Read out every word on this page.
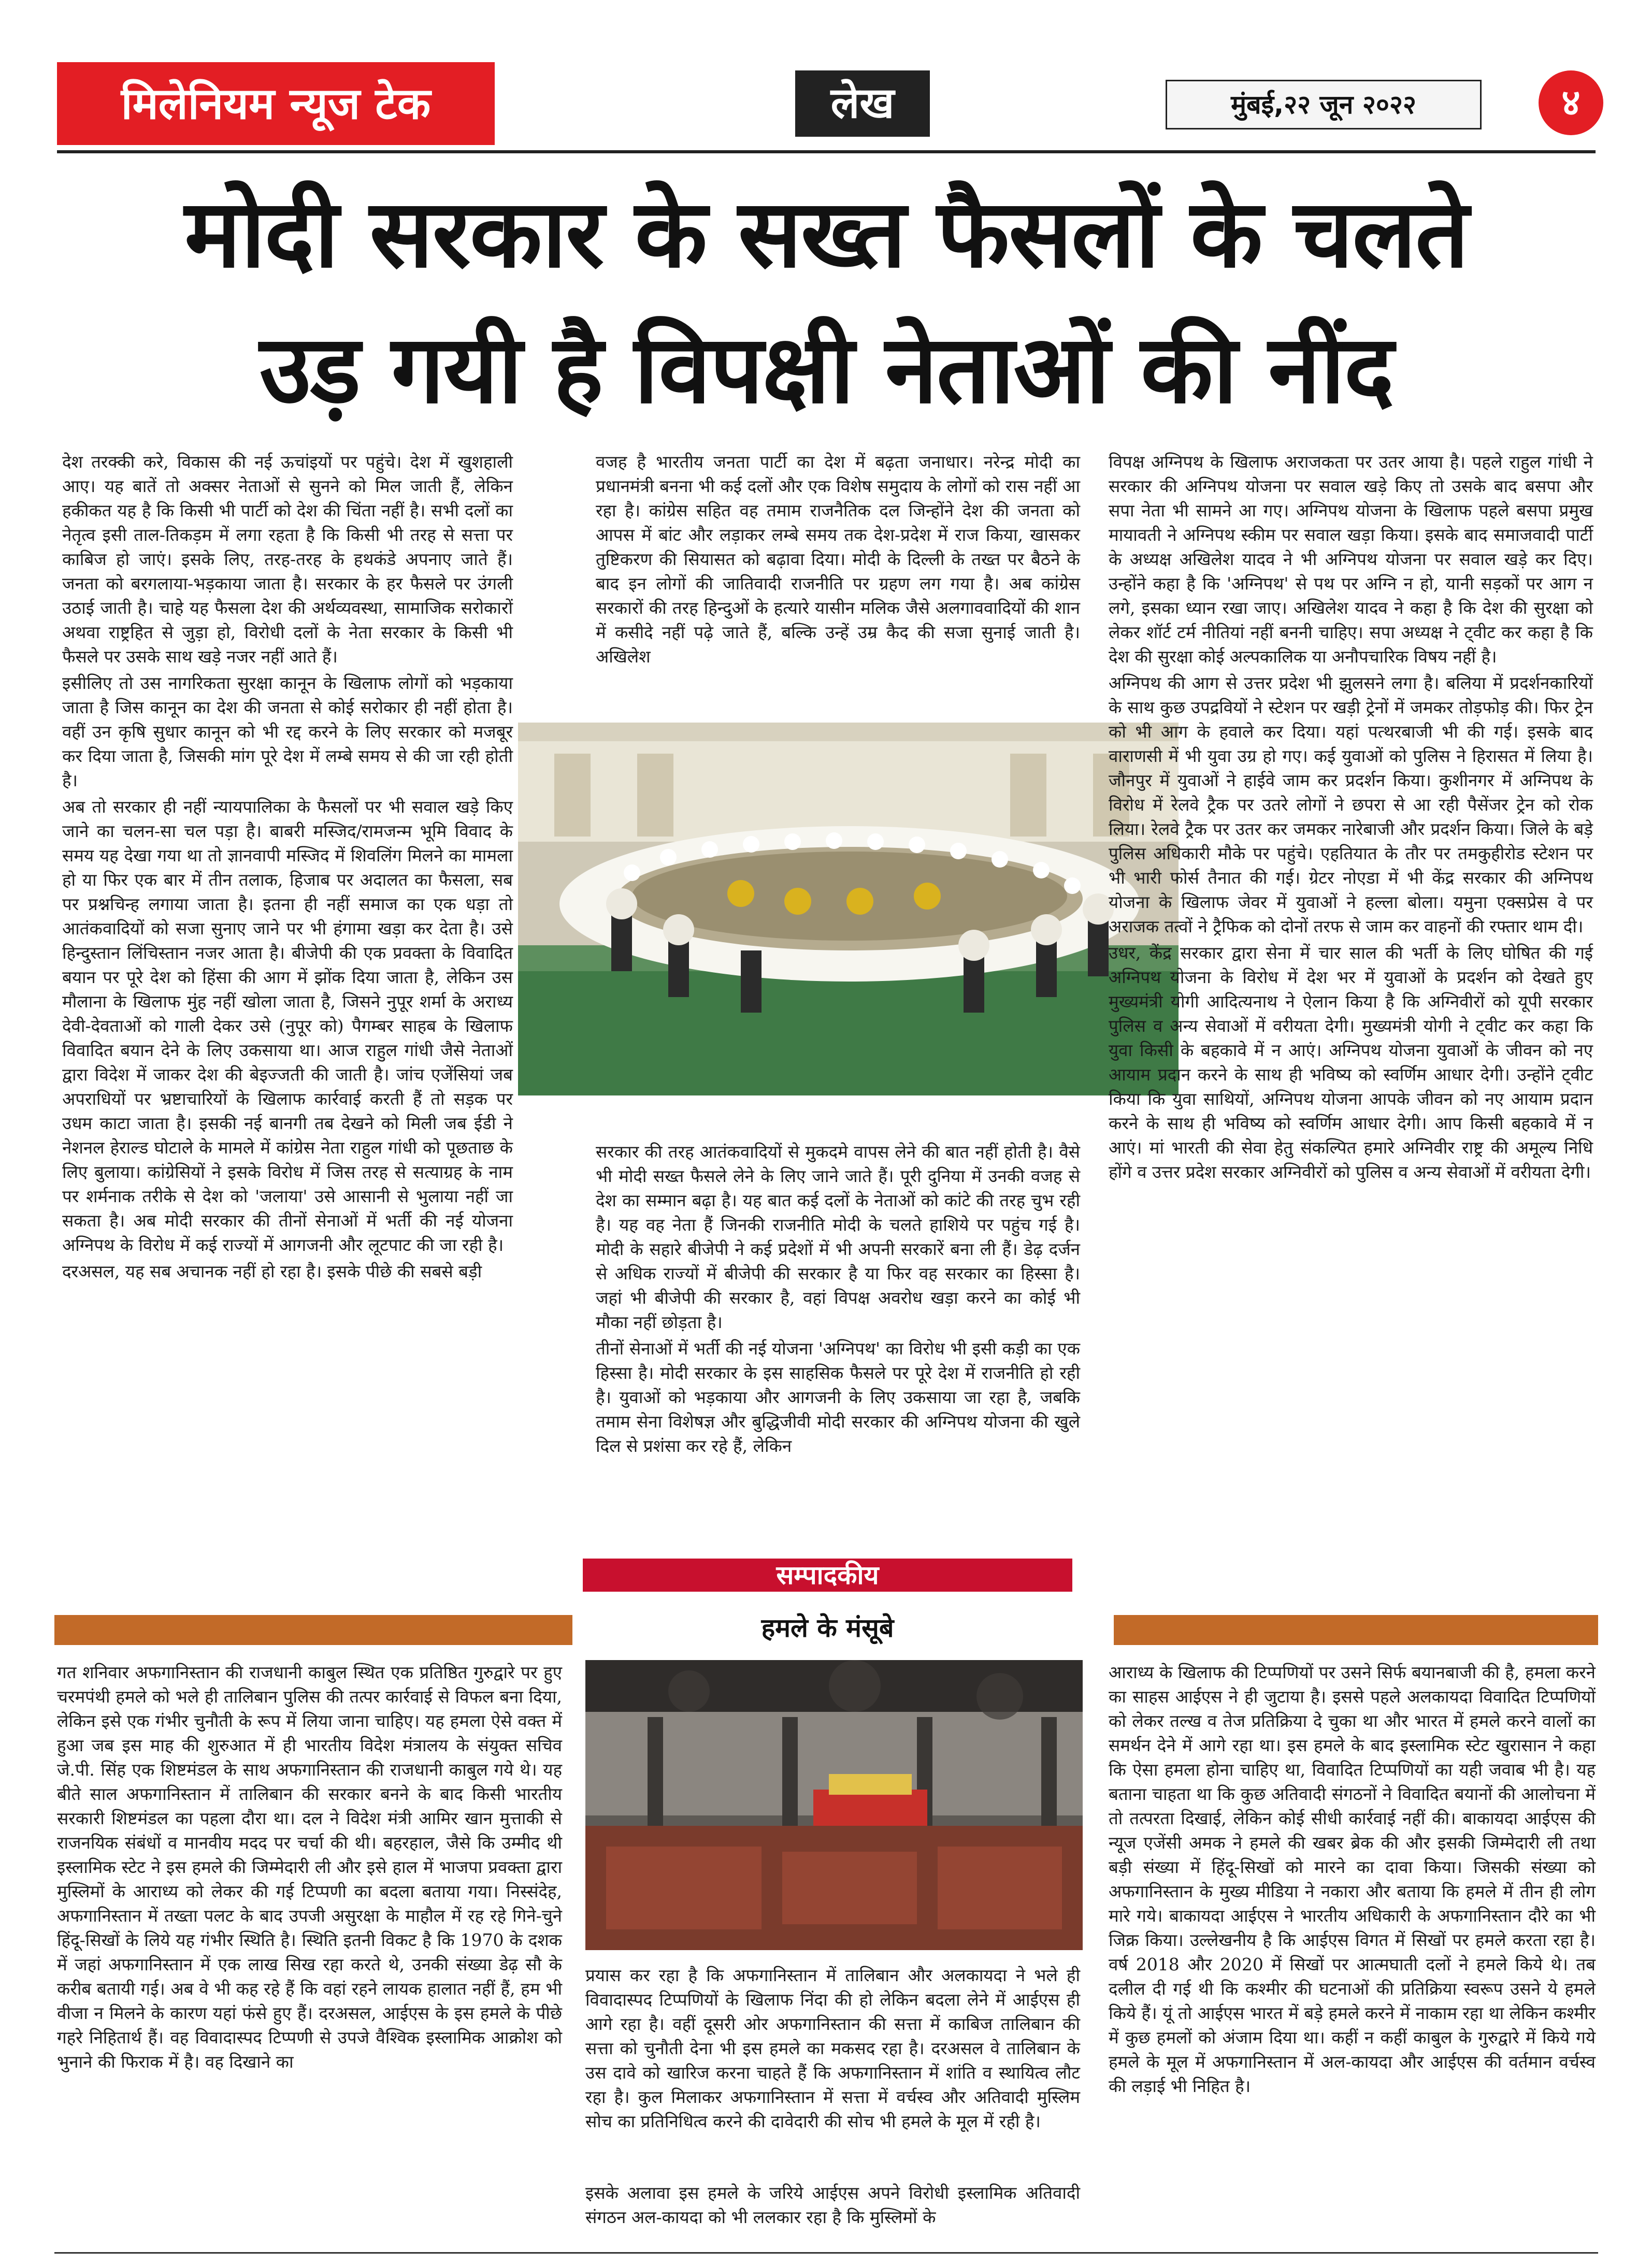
मिलेनियम न्यूज टेक	लेख	मुंबई,२२ जून २०२२	४
मोदी सरकार के सख्त फैसलों के चलते
उड़ गयी है विपक्षी नेताओं की नींद

देश तरक्की करे, विकास की नई ऊचांइयों पर पहुंचे। देश में खुशहाली आए। यह बातें तो अक्सर नेताओं से सुनने को मिल जाती हैं, लेकिन हकीकत यह है कि किसी भी पार्टी को देश की चिंता नहीं है। सभी दलों का नेतृत्व इसी ताल-तिकड़म में लगा रहता है कि किसी भी तरह से सत्ता पर काबिज हो जाएं। इसके लिए, तरह-तरह के हथकंडे अपनाए जाते हैं। जनता को बरगलाया-भड़काया जाता है। सरकार के हर फैसले पर उंगली उठाई जाती है। चाहे यह फैसला देश की अर्थव्यवस्था, सामाजिक सरोकारों अथवा राष्ट्रहित से जुड़ा हो, विरोधी दलों के नेता सरकार के किसी भी फैसले पर उसके साथ खड़े नजर नहीं आते हैं।

इसीलिए तो उस नागरिकता सुरक्षा कानून के खिलाफ लोगों को भड़काया जाता है जिस कानून का देश की जनता से कोई सरोकार ही नहीं होता है। वहीं उन कृषि सुधार कानून को भी रद्द करने के लिए सरकार को मजबूर कर दिया जाता है, जिसकी मांग पूरे देश में लम्बे समय से की जा रही होती है।

अब तो सरकार ही नहीं न्यायपालिका के फैसलों पर भी सवाल खड़े किए जाने का चलन-सा चल पड़ा है। बाबरी मस्जिद/रामजन्म भूमि विवाद के समय यह देखा गया था तो ज्ञानवापी मस्जिद में शिवलिंग मिलने का मामला हो या फिर एक बार में तीन तलाक, हिजाब पर अदालत का फैसला, सब पर प्रश्नचिन्ह लगाया जाता है। इतना ही नहीं समाज का एक धड़ा तो आतंकवादियों को सजा सुनाए जाने पर भी हंगामा खड़ा कर देता है। उसे हिन्दुस्तान लिंचिस्तान नजर आता है। बीजेपी की एक प्रवक्ता के विवादित बयान पर पूरे देश को हिंसा की आग में झोंक दिया जाता है, लेकिन उस मौलाना के खिलाफ मुंह नहीं खोला जाता है, जिसने नुपूर शर्मा के अराध्य देवी-देवताओं को गाली देकर उसे (नुपूर को) पैगम्बर साहब के खिलाफ विवादित बयान देने के लिए उकसाया था। आज राहुल गांधी जैसे नेताओं द्वारा विदेश में जाकर देश की बेइज्जती की जाती है। जांच एजेंसियां जब अपराधियों पर भ्रष्टाचारियों के खिलाफ कार्रवाई करती हैं तो सड़क पर उधम काटा जाता है। इसकी नई बानगी तब देखने को मिली जब ईडी ने नेशनल हेराल्ड घोटाले के मामले में कांग्रेस नेता राहुल गांधी को पूछताछ के लिए बुलाया। कांग्रेसियों ने इसके विरोध में जिस तरह से सत्याग्रह के नाम पर शर्मनाक तरीके से देश को 'जलाया' उसे आसानी से भुलाया नहीं जा सकता है। अब मोदी सरकार की तीनों सेनाओं में भर्ती की नई योजना अग्निपथ के विरोध में कई राज्यों में आगजनी और लूटपाट की जा रही है।

दरअसल, यह सब अचानक नहीं हो रहा है। इसके पीछे की सबसे बड़ी

वजह है भारतीय जनता पार्टी का देश में बढ़ता जनाधार। नरेन्द्र मोदी का प्रधानमंत्री बनना भी कई दलों और एक विशेष समुदाय के लोगों को रास नहीं आ रहा है। कांग्रेस सहित वह तमाम राजनैतिक दल जिन्होंने देश की जनता को आपस में बांट और लड़ाकर लम्बे समय तक देश-प्रदेश में राज किया, खासकर तुष्टिकरण की सियासत को बढ़ावा दिया। मोदी के दिल्ली के तख्त पर बैठने के बाद इन लोगों की जातिवादी राजनीति पर ग्रहण लग गया है। अब कांग्रेस सरकारों की तरह हिन्दुओं के हत्यारे यासीन मलिक जैसे अलगाववादियों की शान में कसीदे नहीं पढ़े जाते हैं, बल्कि उन्हें उम्र कैद की सजा सुनाई जाती है। अखिलेश

सरकार की तरह आतंकवादियों से मुकदमे वापस लेने की बात नहीं होती है। वैसे भी मोदी सख्त फैसले लेने के लिए जाने जाते हैं। पूरी दुनिया में उनकी वजह से देश का सम्मान बढ़ा है। यह बात कई दलों के नेताओं को कांटे की तरह चुभ रही है। यह वह नेता हैं जिनकी राजनीति मोदी के चलते हाशिये पर पहुंच गई है। मोदी के सहारे बीजेपी ने कई प्रदेशों में भी अपनी सरकारें बना ली हैं। डेढ़ दर्जन से अधिक राज्यों में बीजेपी की सरकार है या फिर वह सरकार का हिस्सा है। जहां भी बीजेपी की सरकार है, वहां विपक्ष अवरोध खड़ा करने का कोई भी मौका नहीं छोड़ता है।

तीनों सेनाओं में भर्ती की नई योजना 'अग्निपथ' का विरोध भी इसी कड़ी का एक हिस्सा है। मोदी सरकार के इस साहसिक फैसले पर पूरे देश में राजनीति हो रही है। युवाओं को भड़काया और आगजनी के लिए उकसाया जा रहा है, जबकि तमाम सेना विशेषज्ञ और बुद्धिजीवी मोदी सरकार की अग्निपथ योजना की खुले दिल से प्रशंसा कर रहे हैं, लेकिन

विपक्ष अग्निपथ के खिलाफ अराजकता पर उतर आया है। पहले राहुल गांधी ने सरकार की अग्निपथ योजना पर सवाल खड़े किए तो उसके बाद बसपा और सपा नेता भी सामने आ गए। अग्निपथ योजना के खिलाफ पहले बसपा प्रमुख मायावती ने अग्निपथ स्कीम पर सवाल खड़ा किया। इसके बाद समाजवादी पार्टी के अध्यक्ष अखिलेश यादव ने भी अग्निपथ योजना पर सवाल खड़े कर दिए। उन्होंने कहा है कि 'अग्निपथ' से पथ पर अग्नि न हो, यानी सड़कों पर आग न लगे, इसका ध्यान रखा जाए। अखिलेश यादव ने कहा है कि देश की सुरक्षा को लेकर शॉर्ट टर्म नीतियां नहीं बननी चाहिए। सपा अध्यक्ष ने ट्वीट कर कहा है कि देश की सुरक्षा कोई अल्पकालिक या अनौपचारिक विषय नहीं है।

अग्निपथ की आग से उत्तर प्रदेश भी झुलसने लगा है। बलिया में प्रदर्शनकारियों के साथ कुछ उपद्रवियों ने स्टेशन पर खड़ी ट्रेनों में जमकर तोड़फोड़ की। फिर ट्रेन को भी आग के हवाले कर दिया। यहां पत्थरबाजी भी की गई। इसके बाद वाराणसी में भी युवा उग्र हो गए। कई युवाओं को पुलिस ने हिरासत में लिया है। जौनपुर में युवाओं ने हाईवे जाम कर प्रदर्शन किया। कुशीनगर में अग्निपथ के विरोध में रेलवे ट्रैक पर उतरे लोगों ने छपरा से आ रही पैसेंजर ट्रेन को रोक लिया। रेलवे ट्रैक पर उतर कर जमकर नारेबाजी और प्रदर्शन किया। जिले के बड़े पुलिस अधिकारी मौके पर पहुंचे। एहतियात के तौर पर तमकुहीरोड स्टेशन पर भी भारी फोर्स तैनात की गई। ग्रेटर नोएडा में भी केंद्र सरकार की अग्निपथ योजना के खिलाफ जेवर में युवाओं ने हल्ला बोला। यमुना एक्सप्रेस वे पर अराजक तत्वों ने ट्रैफिक को दोनों तरफ से जाम कर वाहनों की रफ्तार थाम दी।

उधर, केंद्र सरकार द्वारा सेना में चार साल की भर्ती के लिए घोषित की गई अग्निपथ योजना के विरोध में देश भर में युवाओं के प्रदर्शन को देखते हुए मुख्यमंत्री योगी आदित्यनाथ ने ऐलान किया है कि अग्निवीरों को यूपी सरकार पुलिस व अन्य सेवाओं में वरीयता देगी। मुख्यमंत्री योगी ने ट्वीट कर कहा कि युवा किसी के बहकावे में न आएं। अग्निपथ योजना युवाओं के जीवन को नए आयाम प्रदान करने के साथ ही भविष्य को स्वर्णिम आधार देगी। उन्होंने ट्वीट किया कि युवा साथियों, अग्निपथ योजना आपके जीवन को नए आयाम प्रदान करने के साथ ही भविष्य को स्वर्णिम आधार देगी। आप किसी बहकावे में न आएं। मां भारती की सेवा हेतु संकल्पित हमारे अग्निवीर राष्ट्र की अमूल्य निधि होंगे व उत्तर प्रदेश सरकार अग्निवीरों को पुलिस व अन्य सेवाओं में वरीयता देगी।

सम्पादकीय
हमले के मंसूबे

गत शनिवार अफगानिस्तान की राजधानी काबुल स्थित एक प्रतिष्ठित गुरुद्वारे पर हुए चरमपंथी हमले को भले ही तालिबान पुलिस की तत्पर कार्रवाई से विफल बना दिया, लेकिन इसे एक गंभीर चुनौती के रूप में लिया जाना चाहिए। यह हमला ऐसे वक्त में हुआ जब इस माह की शुरुआत में ही भारतीय विदेश मंत्रालय के संयुक्त सचिव जे.पी. सिंह एक शिष्टमंडल के साथ अफगानिस्तान की राजधानी काबुल गये थे। यह बीते साल अफगानिस्तान में तालिबान की सरकार बनने के बाद किसी भारतीय सरकारी शिष्टमंडल का पहला दौरा था। दल ने विदेश मंत्री आमिर खान मुत्ताकी से राजनयिक संबंधों व मानवीय मदद पर चर्चा की थी। बहरहाल, जैसे कि उम्मीद थी इस्लामिक स्टेट ने इस हमले की जिम्मेदारी ली और इसे हाल में भाजपा प्रवक्ता द्वारा मुस्लिमों के आराध्य को लेकर की गई टिप्पणी का बदला बताया गया। निस्संदेह, अफगानिस्तान में तख्ता पलट के बाद उपजी असुरक्षा के माहौल में रह रहे गिने-चुने हिंदू-सिखों के लिये यह गंभीर स्थिति है। स्थिति इतनी विकट है कि 1970 के दशक में जहां अफगानिस्तान में एक लाख सिख रहा करते थे, उनकी संख्या डेढ़ सौ के करीब बतायी गई। अब वे भी कह रहे हैं कि वहां रहने लायक हालात नहीं हैं, हम भी वीजा न मिलने के कारण यहां फंसे हुए हैं। दरअसल, आईएस के इस हमले के पीछे गहरे निहितार्थ हैं। वह विवादास्पद टिप्पणी से उपजे वैश्विक इस्लामिक आक्रोश को भुनाने की फिराक में है। वह दिखाने का

प्रयास कर रहा है कि अफगानिस्तान में तालिबान और अलकायदा ने भले ही विवादास्पद टिप्पणियों के खिलाफ निंदा की हो लेकिन बदला लेने में आईएस ही आगे रहा है। वहीं दूसरी ओर अफगानिस्तान की सत्ता में काबिज तालिबान की सत्ता को चुनौती देना भी इस हमले का मकसद रहा है। दरअसल वे तालिबान के उस दावे को खारिज करना चाहते हैं कि अफगानिस्तान में शांति व स्थायित्व लौट रहा है। कुल मिलाकर अफगानिस्तान में सत्ता में वर्चस्व और अतिवादी मुस्लिम सोच का प्रतिनिधित्व करने की दावेदारी की सोच भी हमले के मूल में रही है।

इसके अलावा इस हमले के जरिये आईएस अपने विरोधी इस्लामिक अतिवादी संगठन अल-कायदा को भी ललकार रहा है कि मुस्लिमों के

आराध्य के खिलाफ की टिप्पणियों पर उसने सिर्फ बयानबाजी की है, हमला करने का साहस आईएस ने ही जुटाया है। इससे पहले अलकायदा विवादित टिप्पणियों को लेकर तल्ख व तेज प्रतिक्रिया दे चुका था और भारत में हमले करने वालों का समर्थन देने में आगे रहा था। इस हमले के बाद इस्लामिक स्टेट खुरासान ने कहा कि ऐसा हमला होना चाहिए था, विवादित टिप्पणियों का यही जवाब भी है। यह बताना चाहता था कि कुछ अतिवादी संगठनों ने विवादित बयानों की आलोचना में तो तत्परता दिखाई, लेकिन कोई सीधी कार्रवाई नहीं की। बाकायदा आईएस की न्यूज एजेंसी अमक ने हमले की खबर ब्रेक की और इसकी जिम्मेदारी ली तथा बड़ी संख्या में हिंदू-सिखों को मारने का दावा किया। जिसकी संख्या को अफगानिस्तान के मुख्य मीडिया ने नकारा और बताया कि हमले में तीन ही लोग मारे गये। बाकायदा आईएस ने भारतीय अधिकारी के अफगानिस्तान दौरे का भी जिक्र किया। उल्लेखनीय है कि आईएस विगत में सिखों पर हमले करता रहा है। वर्ष 2018 और 2020 में सिखों पर आत्मघाती दलों ने हमले किये थे। तब दलील दी गई थी कि कश्मीर की घटनाओं की प्रतिक्रिया स्वरूप उसने ये हमले किये हैं। यूं तो आईएस भारत में बड़े हमले करने में नाकाम रहा था लेकिन कश्मीर में कुछ हमलों को अंजाम दिया था। कहीं न कहीं काबुल के गुरुद्वारे में किये गये हमले के मूल में अफगानिस्तान में अल-कायदा और आईएस की वर्तमान वर्चस्व की लड़ाई भी निहित है।
